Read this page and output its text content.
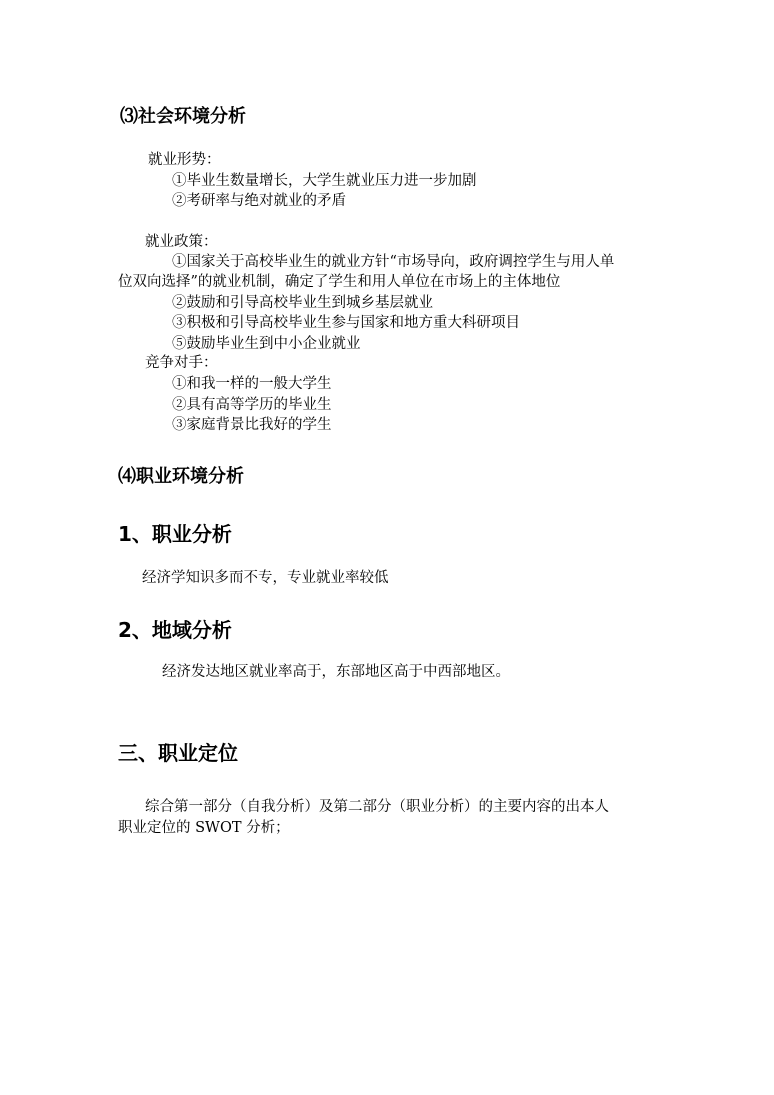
⑶社会环境分析
就业形势：
①毕业生数量增长，大学生就业压力进一步加剧
②考研率与绝对就业的矛盾
就业政策：
①国家关于高校毕业生的就业方针“市场导向，政府调控学生与用人单
位双向选择”的就业机制，确定了学生和用人单位在市场上的主体地位
②鼓励和引导高校毕业生到城乡基层就业
③积极和引导高校毕业生参与国家和地方重大科研项目
⑤鼓励毕业生到中小企业就业
竞争对手：
①和我一样的一般大学生
②具有高等学历的毕业生
③家庭背景比我好的学生
⑷职业环境分析
1、职业分析
经济学知识多而不专，专业就业率较低
2、地域分析
经济发达地区就业率高于，东部地区高于中西部地区。
三、职业定位
综合第一部分（自我分析）及第二部分（职业分析）的主要内容的出本人
职业定位的 SWOT 分析；
